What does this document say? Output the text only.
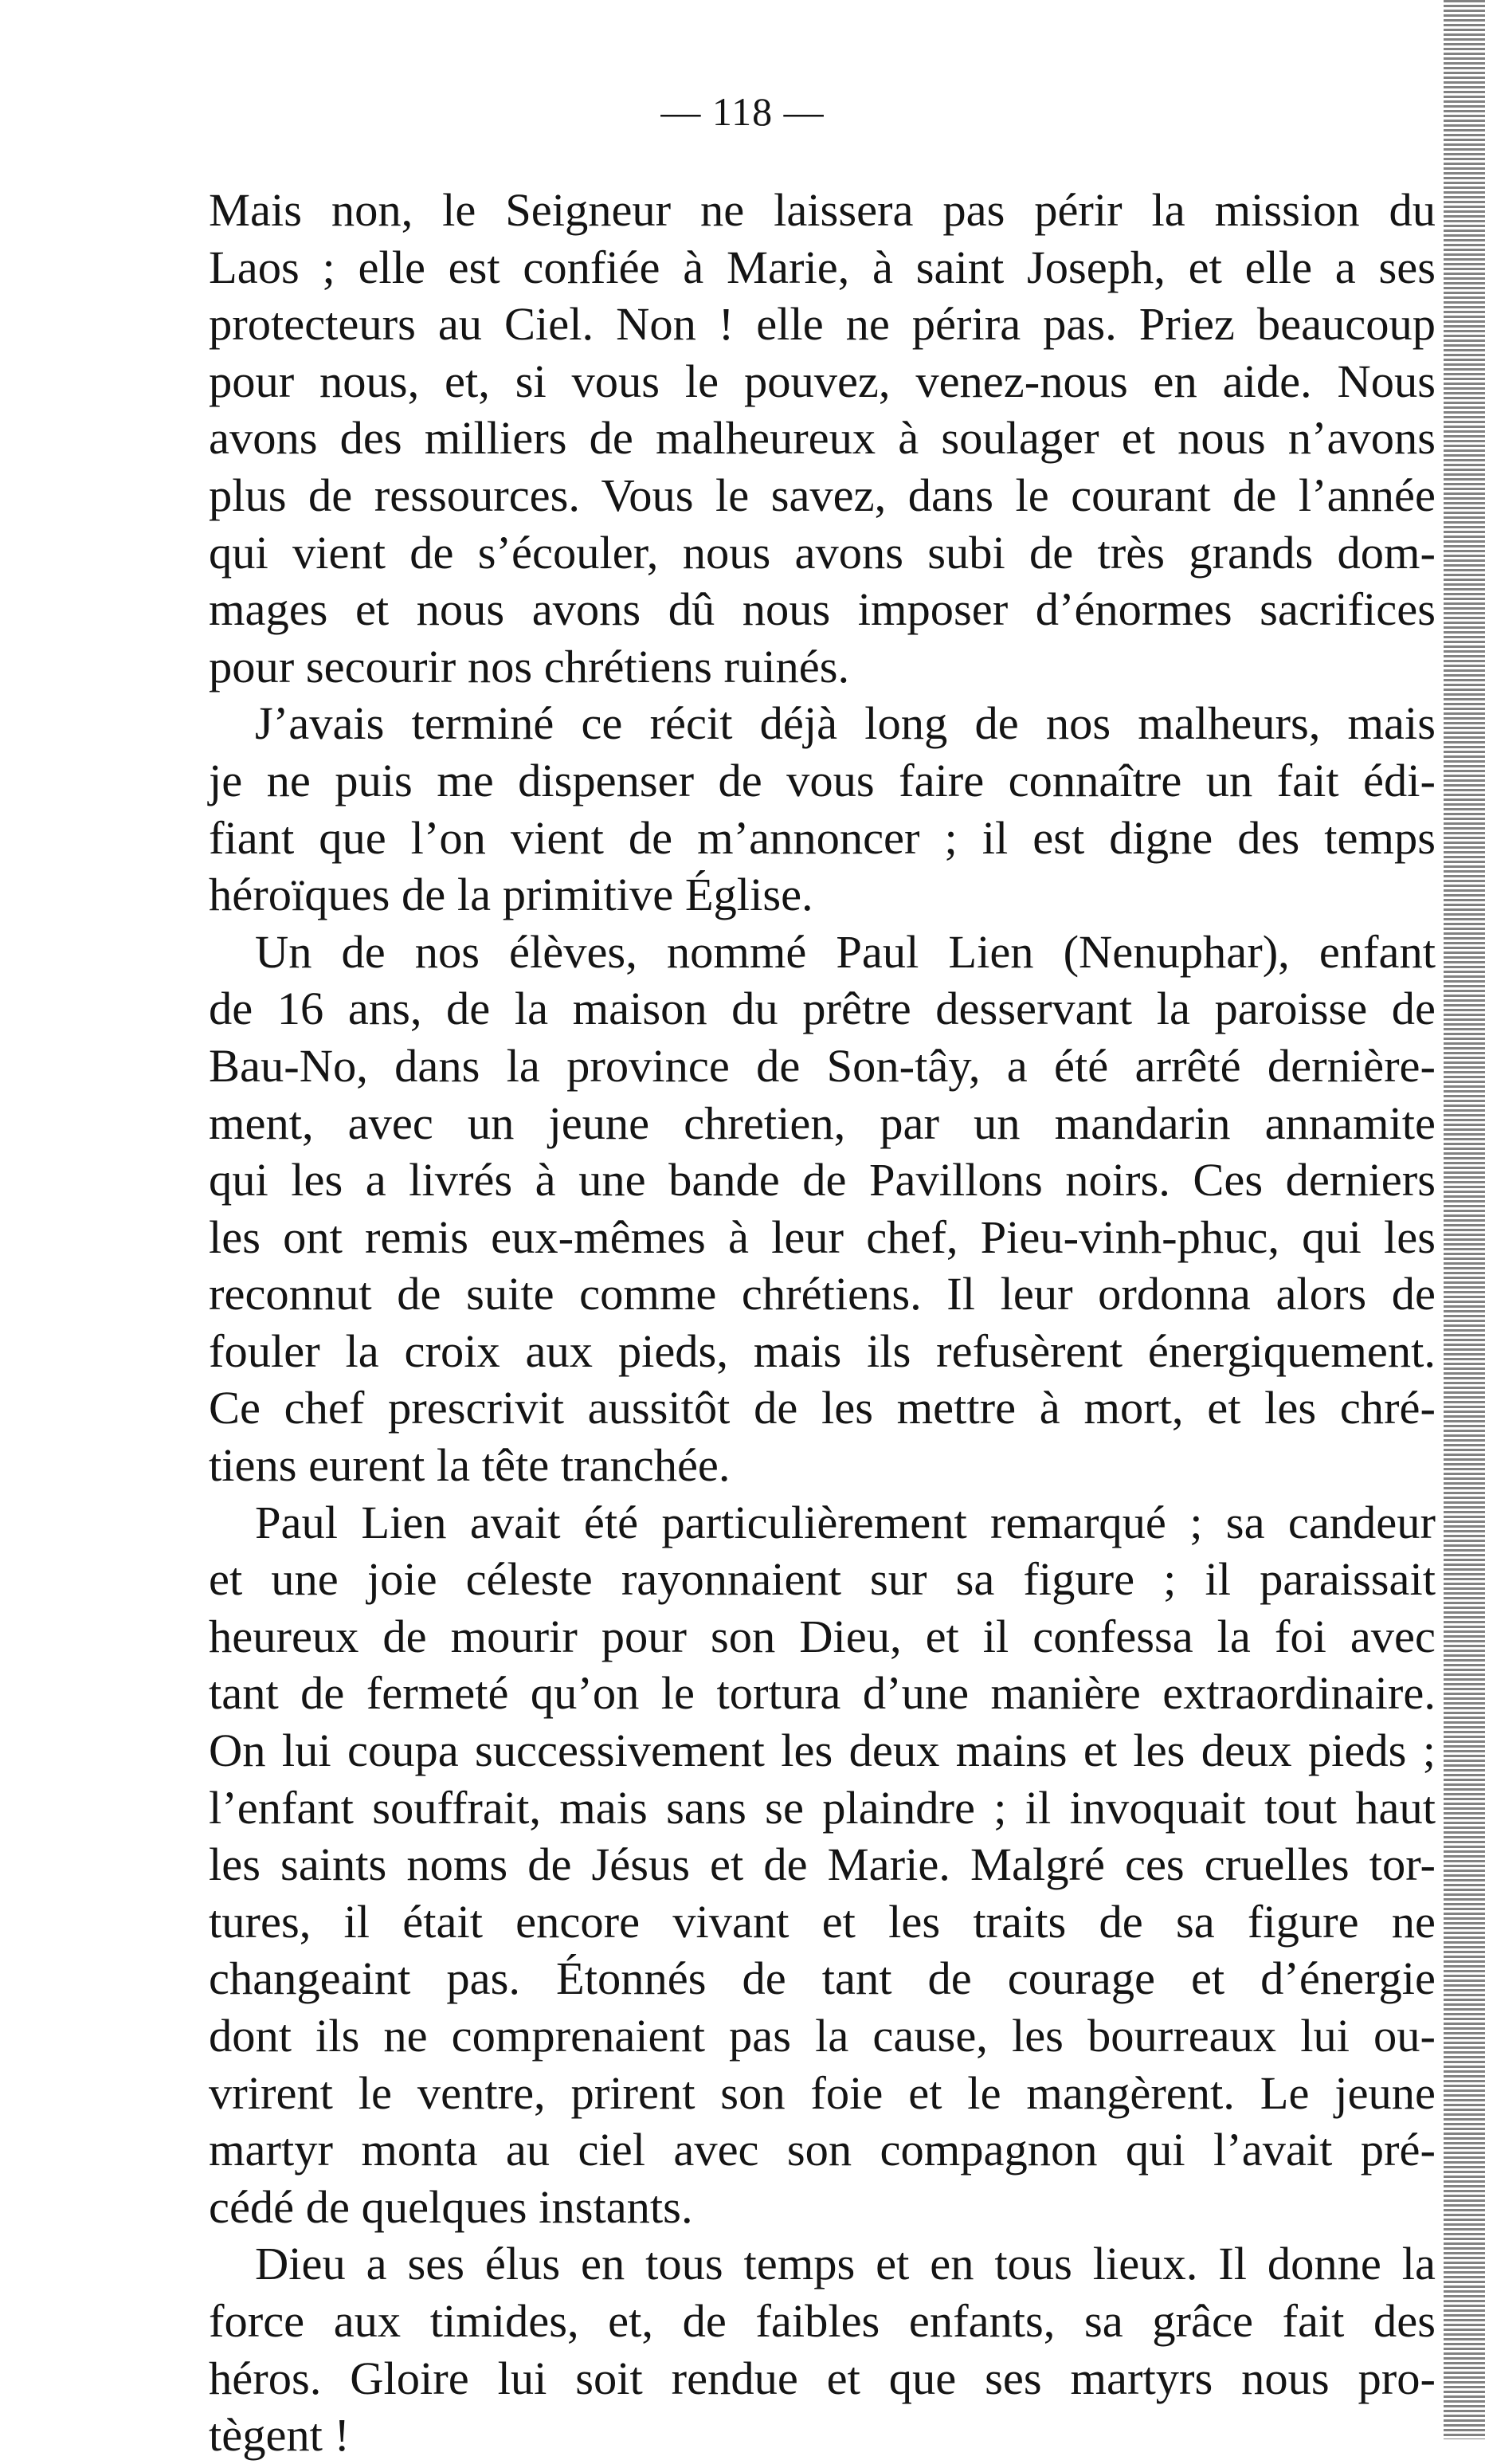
— 118 —
Mais non, le Seigneur ne laissera pas périr la mission du
Laos ; elle est confiée à Marie, à saint Joseph, et elle a ses
protecteurs au Ciel. Non ! elle ne périra pas. Priez beaucoup
pour nous, et, si vous le pouvez, venez-nous en aide. Nous
avons des milliers de malheureux à soulager et nous n’avons
plus de ressources. Vous le savez, dans le courant de l’année
qui vient de s’écouler, nous avons subi de très grands dom-
mages et nous avons dû nous imposer d’énormes sacrifices
pour secourir nos chrétiens ruinés.
J’avais terminé ce récit déjà long de nos malheurs, mais
je ne puis me dispenser de vous faire connaître un fait édi-
fiant que l’on vient de m’annoncer ; il est digne des temps
héroïques de la primitive Église.
Un de nos élèves, nommé Paul Lien (Nenuphar), enfant
de 16 ans, de la maison du prêtre desservant la paroisse de
Bau-No, dans la province de Son-tây, a été arrêté dernière-
ment, avec un jeune chretien, par un mandarin annamite
qui les a livrés à une bande de Pavillons noirs. Ces derniers
les ont remis eux-mêmes à leur chef, Pieu-vinh-phuc, qui les
reconnut de suite comme chrétiens. Il leur ordonna alors de
fouler la croix aux pieds, mais ils refusèrent énergiquement.
Ce chef prescrivit aussitôt de les mettre à mort, et les chré-
tiens eurent la tête tranchée.
Paul Lien avait été particulièrement remarqué ; sa candeur
et une joie céleste rayonnaient sur sa figure ; il paraissait
heureux de mourir pour son Dieu, et il confessa la foi avec
tant de fermeté qu’on le tortura d’une manière extraordinaire.
On lui coupa successivement les deux mains et les deux pieds ;
l’enfant souffrait, mais sans se plaindre ; il invoquait tout haut
les saints noms de Jésus et de Marie. Malgré ces cruelles tor-
tures, il était encore vivant et les traits de sa figure ne
changeaint pas. Étonnés de tant de courage et d’énergie
dont ils ne comprenaient pas la cause, les bourreaux lui ou-
vrirent le ventre, prirent son foie et le mangèrent. Le jeune
martyr monta au ciel avec son compagnon qui l’avait pré-
cédé de quelques instants.
Dieu a ses élus en tous temps et en tous lieux. Il donne la
force aux timides, et, de faibles enfants, sa grâce fait des
héros. Gloire lui soit rendue et que ses martyrs nous pro-
tègent !
